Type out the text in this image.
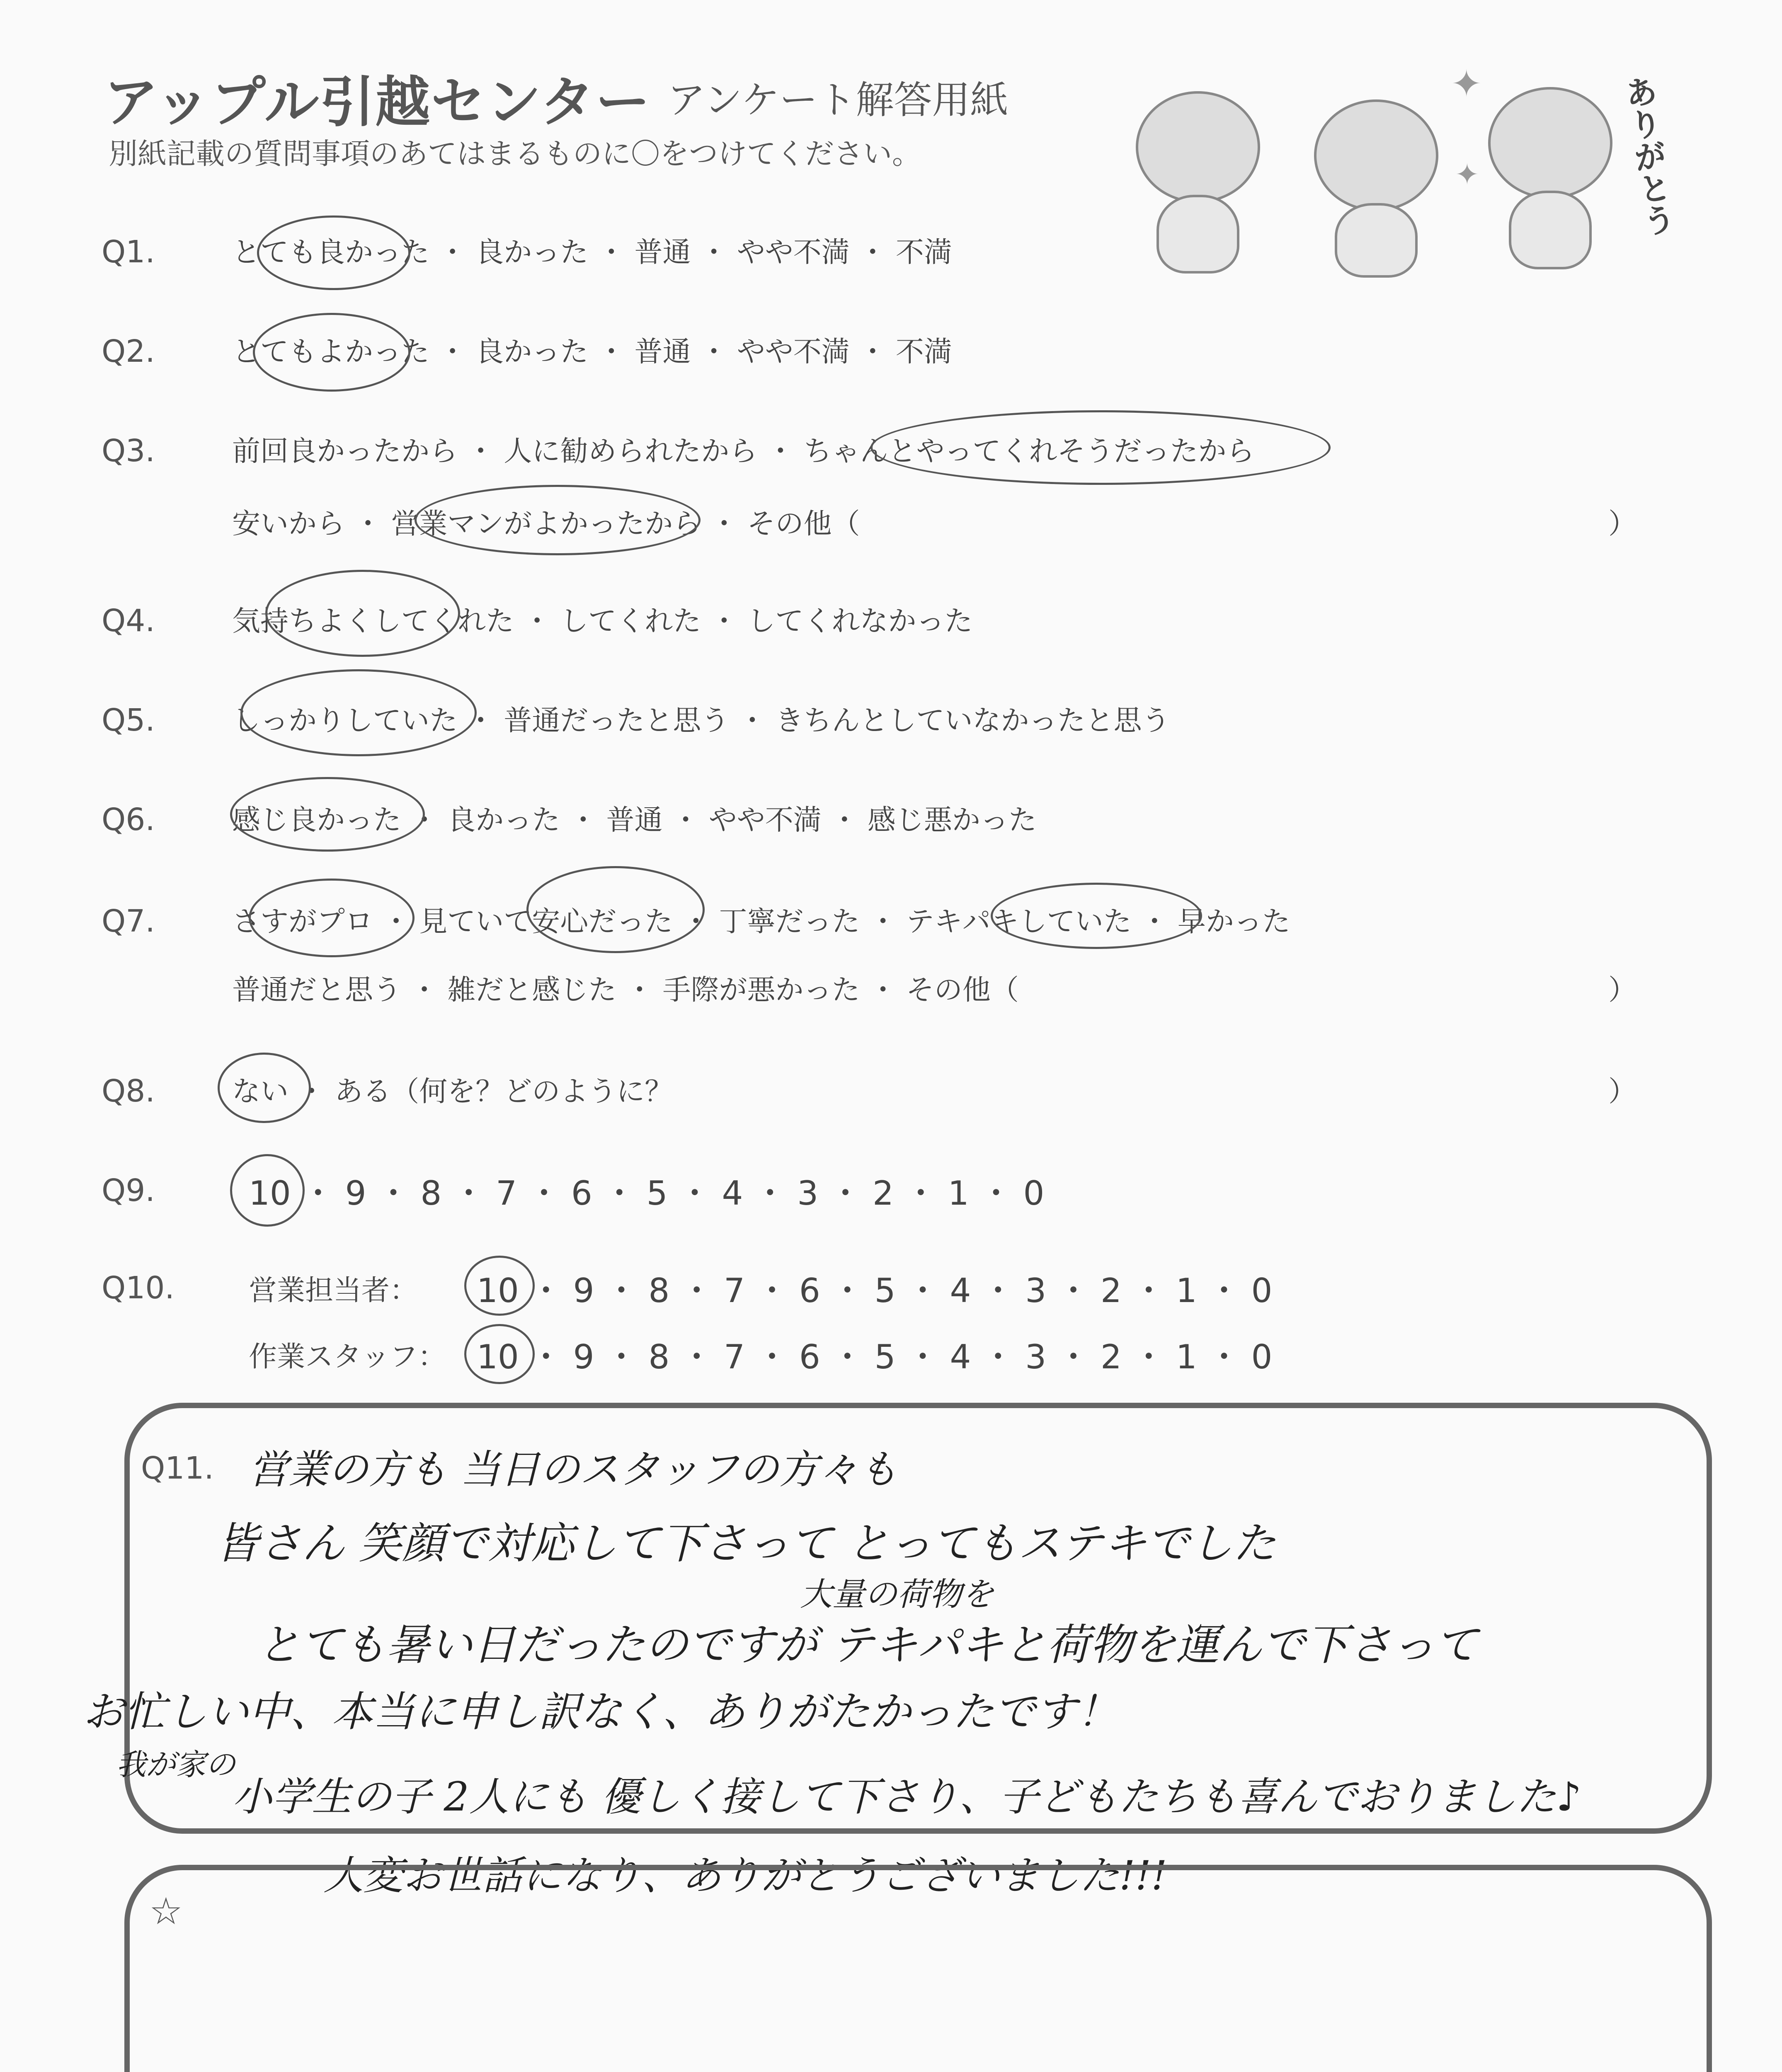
アップル引越センター アンケート解答用紙
別紙記載の質問事項のあてはまるものに〇をつけてください。	ありがとう
✦
✦
Q1.	とても良かった ・ 良かった ・ 普通 ・ やや不満 ・ 不満
Q2.	とてもよかった ・ 良かった ・ 普通 ・ やや不満 ・ 不満
Q3.	前回良かったから ・ 人に勧められたから ・ ちゃんとやってくれそうだったから
安いから ・ 営業マンがよかったから ・ その他（	）
Q4.	気持ちよくしてくれた ・ してくれた ・ してくれなかった
Q5.	しっかりしていた ・ 普通だったと思う ・ きちんとしていなかったと思う
Q6.	感じ良かった ・ 良かった ・ 普通 ・ やや不満 ・ 感じ悪かった
Q7.	さすがプロ ・ 見ていて安心だった ・ 丁寧だった ・ テキパキしていた ・ 早かった
普通だと思う ・ 雑だと感じた ・ 手際が悪かった ・ その他（	）
Q8.	ない ・ ある（何を？どのように？	）
Q9.	10 ・ 9 ・ 8 ・ 7 ・ 6 ・ 5 ・ 4 ・ 3 ・ 2 ・ 1 ・ 0
Q10.	営業担当者： 10 ・ 9 ・ 8 ・ 7 ・ 6 ・ 5 ・ 4 ・ 3 ・ 2 ・ 1 ・ 0
作業スタッフ： 10 ・ 9 ・ 8 ・ 7 ・ 6 ・ 5 ・ 4 ・ 3 ・ 2 ・ 1 ・ 0
Q11. 営業の方も 当日のスタッフの方々も
皆さん 笑顔で対応して下さって とってもステキでした
大量の荷物を
とても暑い日だったのですが テキパキと荷物を運んで下さって
お忙しい中、本当に申し訳なく、ありがたかったです！
我が家の
小学生の子 2人にも 優しく接して下さり、子どもたちも喜んでおりました♪
大変お世話になり、ありがとうございました!!!
☆
